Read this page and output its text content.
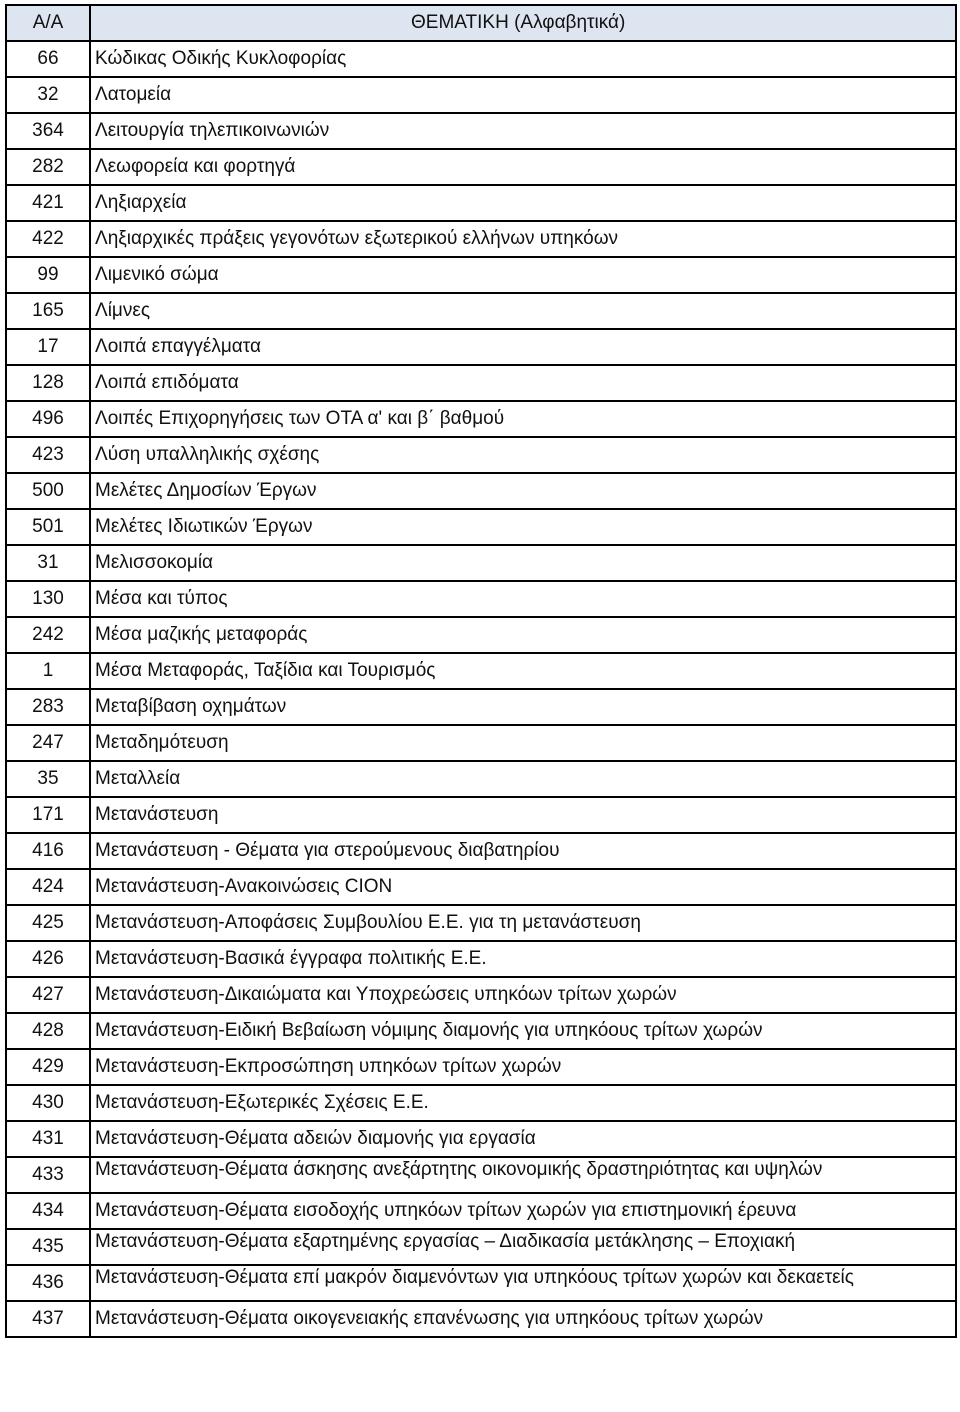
Α/Α	ΘΕΜΑΤΙΚΗ (Αλφαβητικά)
66	Κώδικας Οδικής Κυκλοφορίας
32	Λατομεία
364	Λειτουργία τηλεπικοινωνιών
282	Λεωφορεία και φορτηγά
421	Ληξιαρχεία
422	Ληξιαρχικές πράξεις γεγονότων εξωτερικού ελλήνων υπηκόων
99	Λιμενικό σώμα
165	Λίμνες
17	Λοιπά επαγγέλματα
128	Λοιπά επιδόματα
496	Λοιπές Επιχορηγήσεις των ΟΤΑ α' και β΄ βαθμού
423	Λύση υπαλληλικής σχέσης
500	Μελέτες Δημοσίων Έργων
501	Μελέτες Ιδιωτικών Έργων
31	Μελισσοκομία
130	Μέσα και τύπος
242	Μέσα μαζικής μεταφοράς
1	Μέσα Μεταφοράς, Ταξίδια και Τουρισμός
283	Μεταβίβαση οχημάτων
247	Μεταδημότευση
35	Μεταλλεία
171	Μετανάστευση
416	Μετανάστευση - Θέματα για στερούμενους διαβατηρίου
424	Μετανάστευση-Ανακοινώσεις CION
425	Μετανάστευση-Αποφάσεις Συμβουλίου Ε.Ε. για τη μετανάστευση
426	Μετανάστευση-Βασικά έγγραφα πολιτικής Ε.Ε.
427	Μετανάστευση-Δικαιώματα και Υποχρεώσεις υπηκόων τρίτων χωρών
428	Μετανάστευση-Ειδική Βεβαίωση νόμιμης διαμονής για υπηκόους τρίτων χωρών
429	Μετανάστευση-Εκπροσώπηση υπηκόων τρίτων χωρών
430	Μετανάστευση-Εξωτερικές Σχέσεις Ε.Ε.
431	Μετανάστευση-Θέματα αδειών διαμονής για εργασία
433	Μετανάστευση-Θέματα άσκησης ανεξάρτητης οικονομικής δραστηριότητας και υψηλών
434	Μετανάστευση-Θέματα εισοδοχής υπηκόων τρίτων χωρών για επιστημονική έρευνα
435	Μετανάστευση-Θέματα εξαρτημένης εργασίας – Διαδικασία μετάκλησης – Εποχιακή
436	Μετανάστευση-Θέματα επί μακρόν διαμενόντων για υπηκόους τρίτων χωρών και δεκαετείς
437	Μετανάστευση-Θέματα οικογενειακής επανένωσης για υπηκόους τρίτων χωρών
